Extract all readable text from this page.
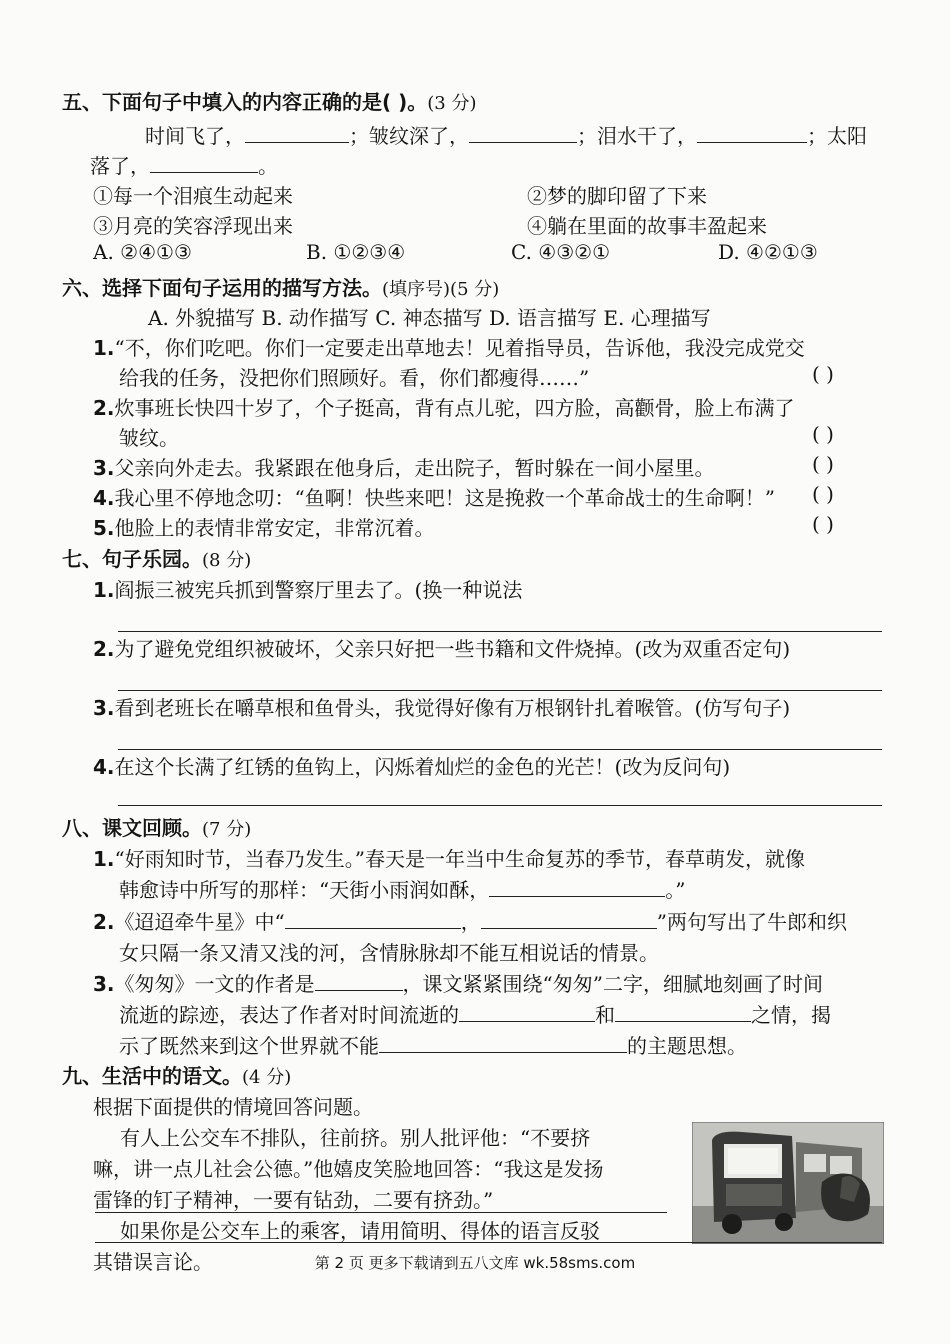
五、下面句子中填入的内容正确的是( )。(3 分)
时间飞了，	；皱纹深了，	；泪水干了，	；太阳
落了，	。
①每一个泪痕生动起来	②梦的脚印留了下来
③月亮的笑容浮现出来	④躺在里面的故事丰盈起来
A. ②④①③	B. ①②③④	C. ④③②①	D. ④②①③
六、选择下面句子运用的描写方法。(填序号)(5 分)
A. 外貌描写 B. 动作描写 C. 神态描写 D. 语言描写 E. 心理描写
1.“不，你们吃吧。你们一定要走出草地去！见着指导员，告诉他，我没完成党交
给我的任务，没把你们照顾好。看，你们都瘦得……”	( )
2.炊事班长快四十岁了，个子挺高，背有点儿驼，四方脸，高颧骨，脸上布满了
皱纹。	( )
3.父亲向外走去。我紧跟在他身后，走出院子，暂时躲在一间小屋里。	( )
4.我心里不停地念叨：“鱼啊！快些来吧！这是挽救一个革命战士的生命啊！” ( )
5.他脸上的表情非常安定，非常沉着。	( )
七、句子乐园。(8 分)
1.阎振三被宪兵抓到警察厅里去了。(换一种说法
2.为了避免党组织被破坏，父亲只好把一些书籍和文件烧掉。(改为双重否定句)
3.看到老班长在嚼草根和鱼骨头，我觉得好像有万根钢针扎着喉管。(仿写句子)
4.在这个长满了红锈的鱼钩上，闪烁着灿烂的金色的光芒！(改为反问句)
八、课文回顾。(7 分)
1.“好雨知时节，当春乃发生。”春天是一年当中生命复苏的季节，春草萌发，就像
韩愈诗中所写的那样：“天街小雨润如酥，	。”
2.《迢迢牵牛星》中“	，	”两句写出了牛郎和织
女只隔一条又清又浅的河，含情脉脉却不能互相说话的情景。
3.《匆匆》一文的作者是	，课文紧紧围绕“匆匆”二字，细腻地刻画了时间
流逝的踪迹，表达了作者对时间流逝的	和	之情，揭
示了既然来到这个世界就不能	的主题思想。
九、生活中的语文。(4 分)
根据下面提供的情境回答问题。
有人上公交车不排队，往前挤。别人批评他：“不要挤
嘛，讲一点儿社会公德。”他嬉皮笑脸地回答：“我这是发扬
雷锋的钉子精神，一要有钻劲，二要有挤劲。”
如果你是公交车上的乘客，请用简明、得体的语言反驳
其错误言论。	第 2 页 更多下载请到五八文库 wk.58sms.com
